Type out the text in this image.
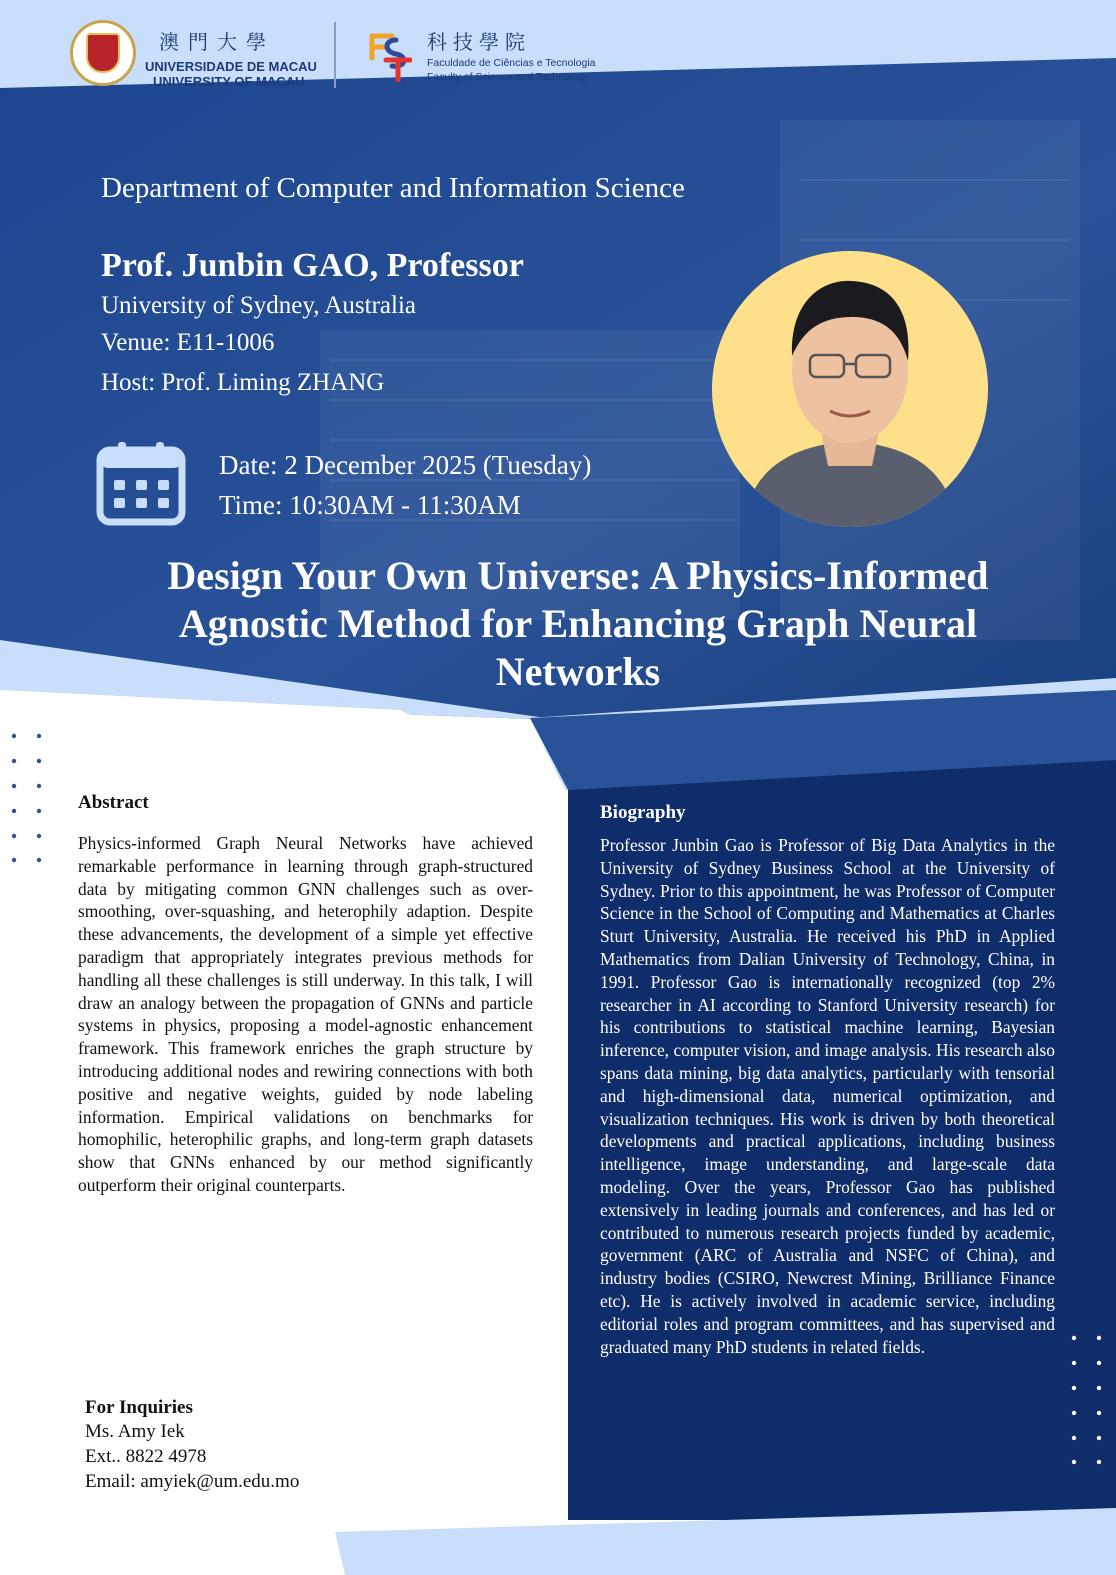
澳門大學
UNIVERSIDADE DE MACAU
UNIVERSITY OF MACAU
科技學院
Faculdade de Ciências e Tecnologia
Faculty of Science and Technology
Department of Computer and Information Science
Prof. Junbin GAO, Professor
University of Sydney, Australia
Venue: E11-1006
Host: Prof. Liming ZHANG
Date: 2 December 2025 (Tuesday)
Time: 10:30AM - 11:30AM
Design Your Own Universe: A Physics-Informed Agnostic Method for Enhancing Graph Neural Networks
Abstract
Physics-informed Graph Neural Networks have achieved remarkable performance in learning through graph-structured data by mitigating common GNN challenges such as over-smoothing, over-squashing, and heterophily adaption. Despite these advancements, the development of a simple yet effective paradigm that appropriately integrates previous methods for handling all these challenges is still underway. In this talk, I will draw an analogy between the propagation of GNNs and particle systems in physics, proposing a model-agnostic enhancement framework. This framework enriches the graph structure by introducing additional nodes and rewiring connections with both positive and negative weights, guided by node labeling information. Empirical validations on benchmarks for homophilic, heterophilic graphs, and long-term graph datasets show that GNNs enhanced by our method significantly outperform their original counterparts.
Biography
Professor Junbin Gao is Professor of Big Data Analytics in the University of Sydney Business School at the University of Sydney. Prior to this appointment, he was Professor of Computer Science in the School of Computing and Mathematics at Charles Sturt University, Australia. He received his PhD in Applied Mathematics from Dalian University of Technology, China, in 1991. Professor Gao is internationally recognized (top 2% researcher in AI according to Stanford University research) for his contributions to statistical machine learning, Bayesian inference, computer vision, and image analysis. His research also spans data mining, big data analytics, particularly with tensorial and high-dimensional data, numerical optimization, and visualization techniques. His work is driven by both theoretical developments and practical applications, including business intelligence, image understanding, and large-scale data modeling. Over the years, Professor Gao has published extensively in leading journals and conferences, and has led or contributed to numerous research projects funded by academic, government (ARC of Australia and NSFC of China), and industry bodies (CSIRO, Newcrest Mining, Brilliance Finance etc). He is actively involved in academic service, including editorial roles and program committees, and has supervised and graduated many PhD students in related fields.
For Inquiries
Ms. Amy Iek
Ext.. 8822 4978
Email: amyiek@um.edu.mo
